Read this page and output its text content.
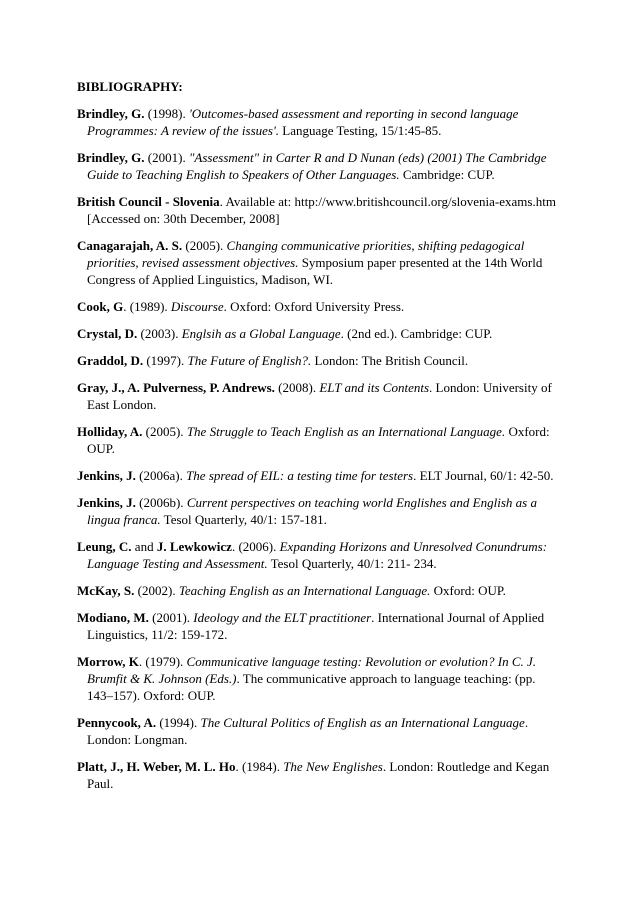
BIBLIOGRAPHY:
Brindley, G. (1998). 'Outcomes-based assessment and reporting in second language Programmes: A review of the issues'. Language Testing, 15/1:45-85.
Brindley, G. (2001). "Assessment" in Carter R and D Nunan (eds) (2001) The Cambridge Guide to Teaching English to Speakers of Other Languages. Cambridge: CUP.
British Council - Slovenia. Available at: http://www.britishcouncil.org/slovenia-exams.htm [Accessed on: 30th December, 2008]
Canagarajah, A. S. (2005). Changing communicative priorities, shifting pedagogical priorities, revised assessment objectives. Symposium paper presented at the 14th World Congress of Applied Linguistics, Madison, WI.
Cook, G. (1989). Discourse. Oxford: Oxford University Press.
Crystal, D. (2003). Englsih as a Global Language. (2nd ed.). Cambridge: CUP.
Graddol, D. (1997). The Future of English?. London: The British Council.
Gray, J., A. Pulverness, P. Andrews. (2008). ELT and its Contents. London: University of East London.
Holliday, A. (2005). The Struggle to Teach English as an International Language. Oxford: OUP.
Jenkins, J. (2006a). The spread of EIL: a testing time for testers. ELT Journal, 60/1: 42-50.
Jenkins, J. (2006b). Current perspectives on teaching world Englishes and English as a lingua franca. Tesol Quarterly, 40/1: 157-181.
Leung, C. and J. Lewkowicz. (2006). Expanding Horizons and Unresolved Conundrums: Language Testing and Assessment. Tesol Quarterly, 40/1: 211- 234.
McKay, S. (2002). Teaching English as an International Language. Oxford: OUP.
Modiano, M. (2001). Ideology and the ELT practitioner. International Journal of Applied Linguistics, 11/2: 159-172.
Morrow, K. (1979). Communicative language testing: Revolution or evolution? In C. J. Brumfit & K. Johnson (Eds.). The communicative approach to language teaching: (pp. 143–157). Oxford: OUP.
Pennycook, A. (1994). The Cultural Politics of English as an International Language. London: Longman.
Platt, J., H. Weber, M. L. Ho. (1984). The New Englishes. London: Routledge and Kegan Paul.
